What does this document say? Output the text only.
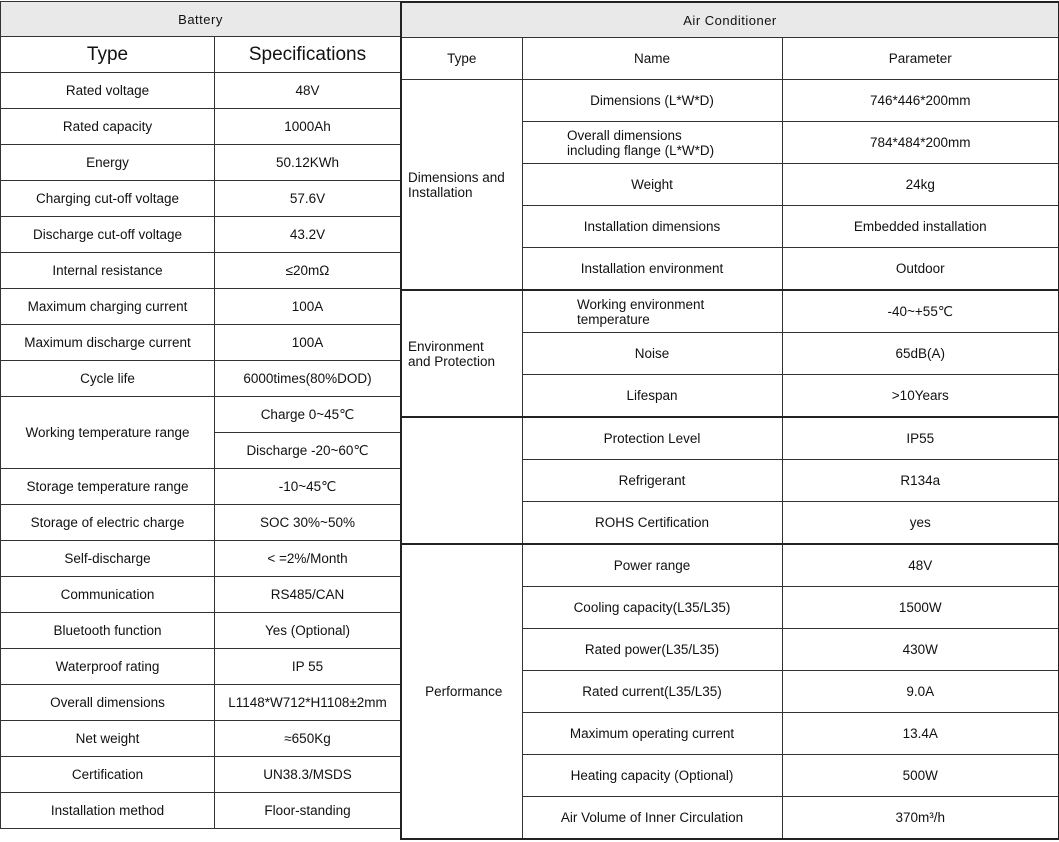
Battery	
Type	Specifications
Rated voltage	48V
Rated capacity	1000Ah
Energy	50.12KWh
Charging cut-off voltage	57.6V
Discharge cut-off voltage	43.2V
Internal resistance	≤20mΩ
Maximum charging current	100A
Maximum discharge current	100A
Cycle life	6000times(80%DOD)
Working temperature range	Charge 0~45℃
	Discharge -20~60℃
Storage temperature range	-10~45℃
Storage of electric charge	SOC 30%~50%
Self-discharge	< =2%/Month
Communication	RS485/CAN
Bluetooth function	Yes (Optional)
Waterproof rating	IP 55
Overall dimensions	L1148*W712*H1108±2mm
Net weight	≈650Kg
Certification	UN38.3/MSDS
Installation method	Floor-standing
Air Conditioner		
Type	Name	Parameter
Dimensions and Installation	Dimensions (L*W*D)	746*446*200mm
	Overall dimensions including flange (L*W*D)	784*484*200mm
	Weight	24kg
	Installation dimensions	Embedded installation
	Installation environment	Outdoor
Environment and Protection	Working environment temperature	-40~+55℃
	Noise	65dB(A)
	Lifespan	>10Years
	Protection Level	IP55
	Refrigerant	R134a
	ROHS Certification	yes
Performance	Power range	48V
	Cooling capacity(L35/L35)	1500W
	Rated power(L35/L35)	430W
	Rated current(L35/L35)	9.0A
	Maximum operating current	13.4A
	Heating capacity (Optional)	500W
	Air Volume of Inner Circulation	370m³/h
